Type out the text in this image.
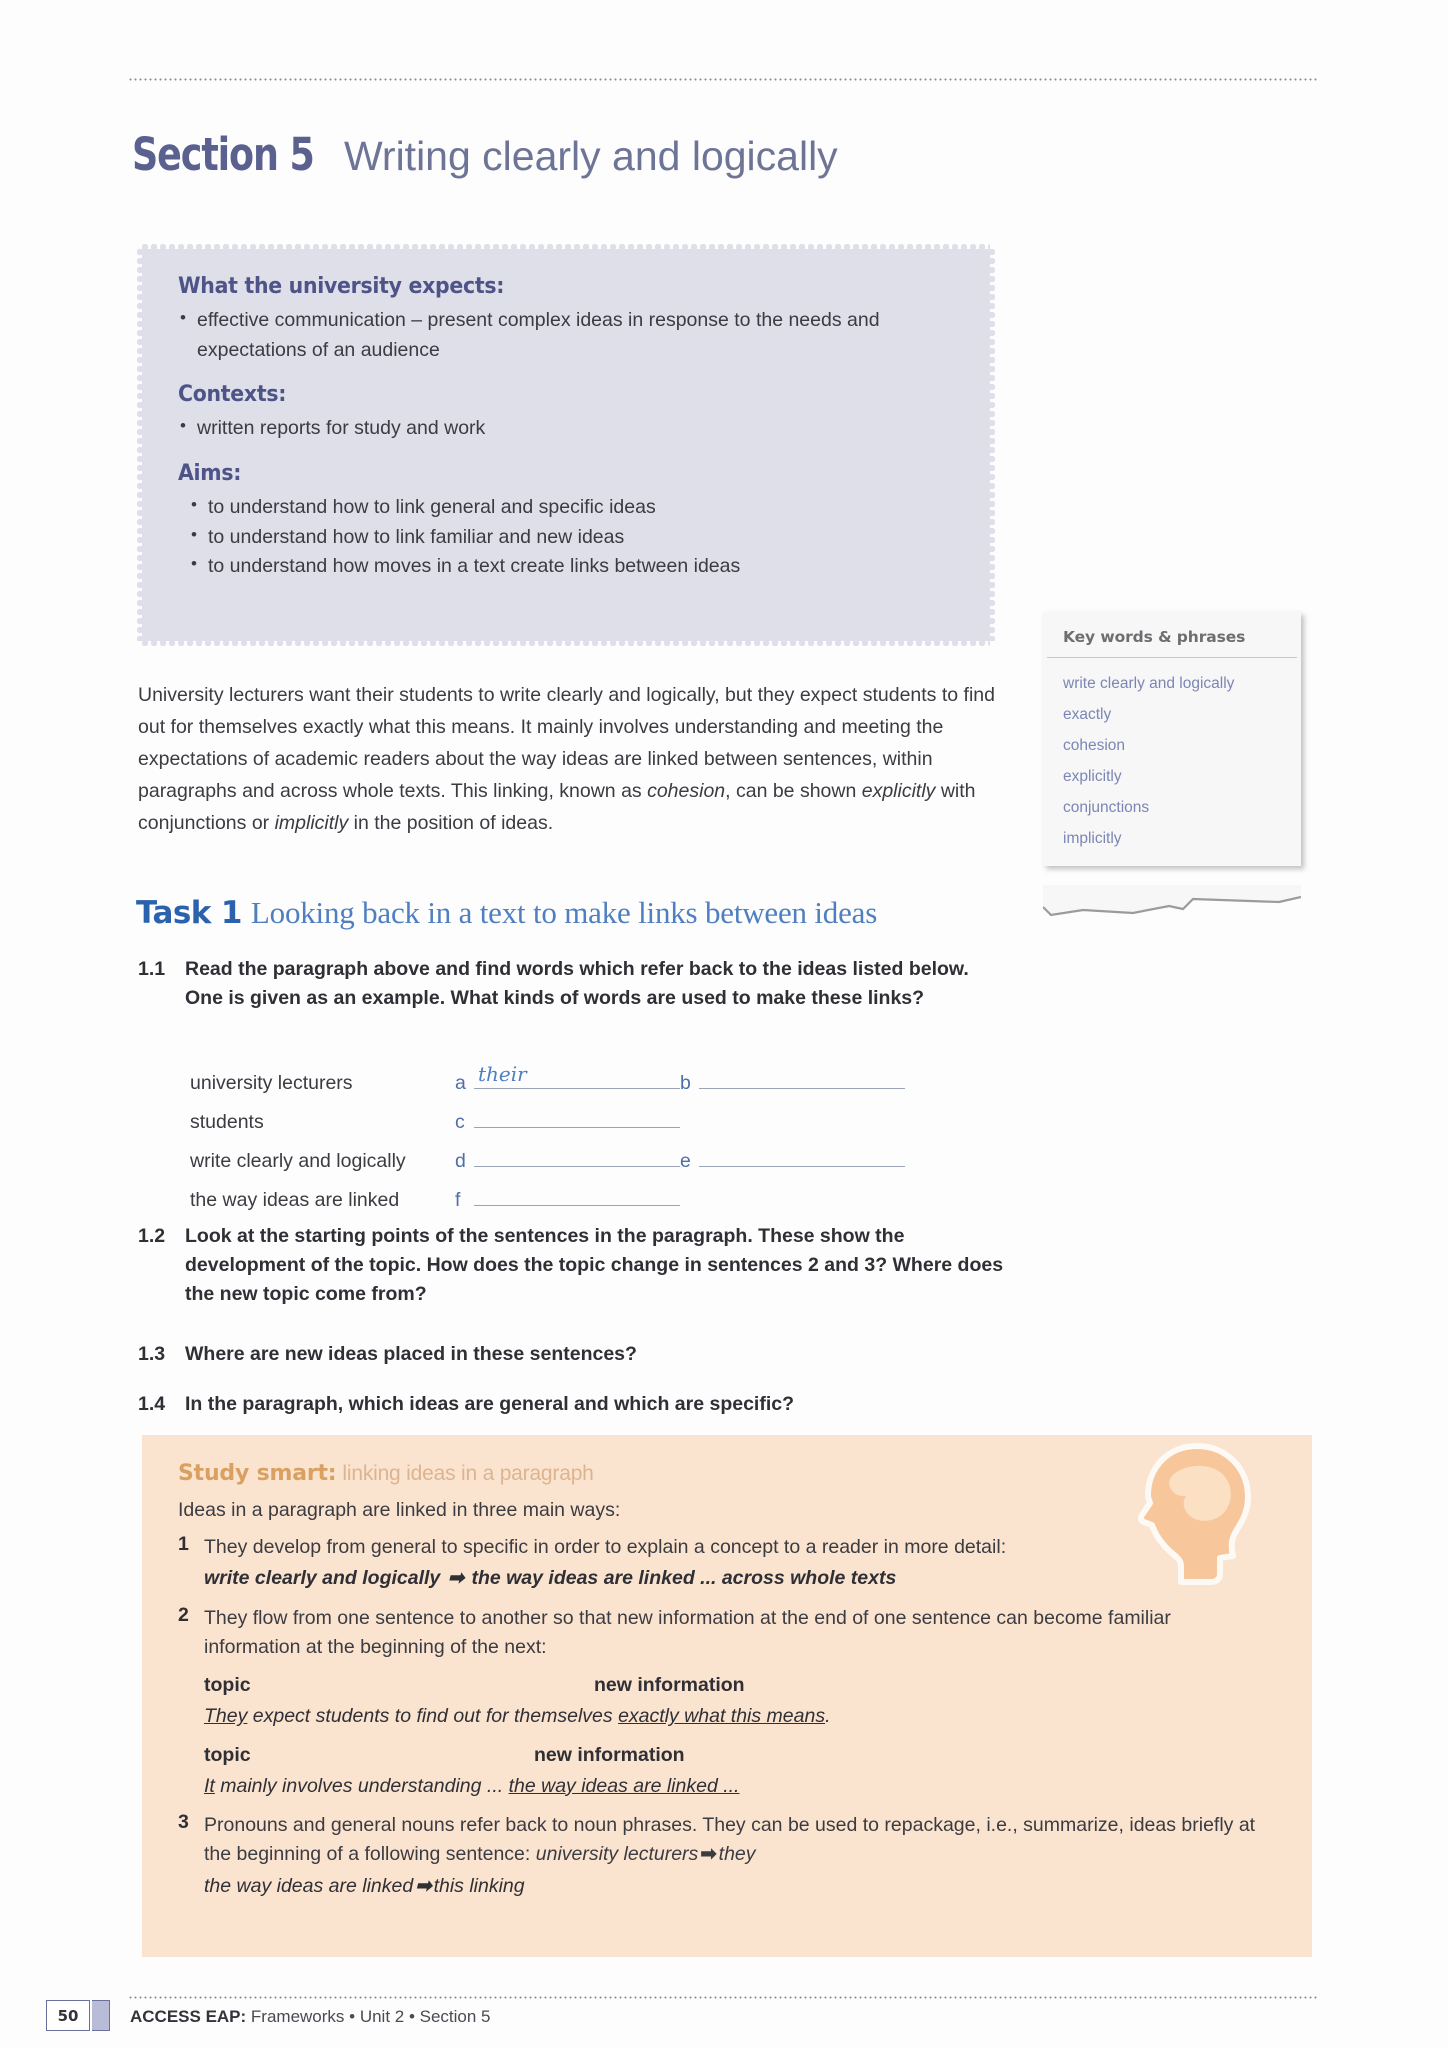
Section 5 Writing clearly and logically
What the university expects:
• effective communication – present complex ideas in response to the needs and expectations of an audience
Contexts:
• written reports for study and work
Aims:
• to understand how to link general and specific ideas
• to understand how to link familiar and new ideas
• to understand how moves in a text create links between ideas
Key words & phrases
write clearly and logically
exactly
cohesion
explicitly
conjunctions
implicitly
University lecturers want their students to write clearly and logically, but they expect students to find out for themselves exactly what this means. It mainly involves understanding and meeting the expectations of academic readers about the way ideas are linked between sentences, within paragraphs and across whole texts. This linking, known as cohesion, can be shown explicitly with conjunctions or implicitly in the position of ideas.
Task 1 Looking back in a text to make links between ideas
1.1	Read the paragraph above and find words which refer back to the ideas listed below. One is given as an example. What kinds of words are used to make these links?
university lecturers	a their	b
students	c
write clearly and logically	d	e
the way ideas are linked	f
1.2	Look at the starting points of the sentences in the paragraph. These show the development of the topic. How does the topic change in sentences 2 and 3? Where does the new topic come from?
1.3	Where are new ideas placed in these sentences?
1.4	In the paragraph, which ideas are general and which are specific?
Study smart: linking ideas in a paragraph
Ideas in a paragraph are linked in three main ways:
1 They develop from general to specific in order to explain a concept to a reader in more detail:
write clearly and logically ➡ the way ideas are linked ... across whole texts
2 They flow from one sentence to another so that new information at the end of one sentence can become familiar information at the beginning of the next:
topic	new information
They expect students to find out for themselves exactly what this means.
topic	new information
It mainly involves understanding ... the way ideas are linked ...
3 Pronouns and general nouns refer back to noun phrases. They can be used to repackage, i.e., summarize, ideas briefly at the beginning of a following sentence: university lecturers ➡ they
the way ideas are linked ➡ this linking
50	ACCESS EAP: Frameworks • Unit 2 • Section 5
